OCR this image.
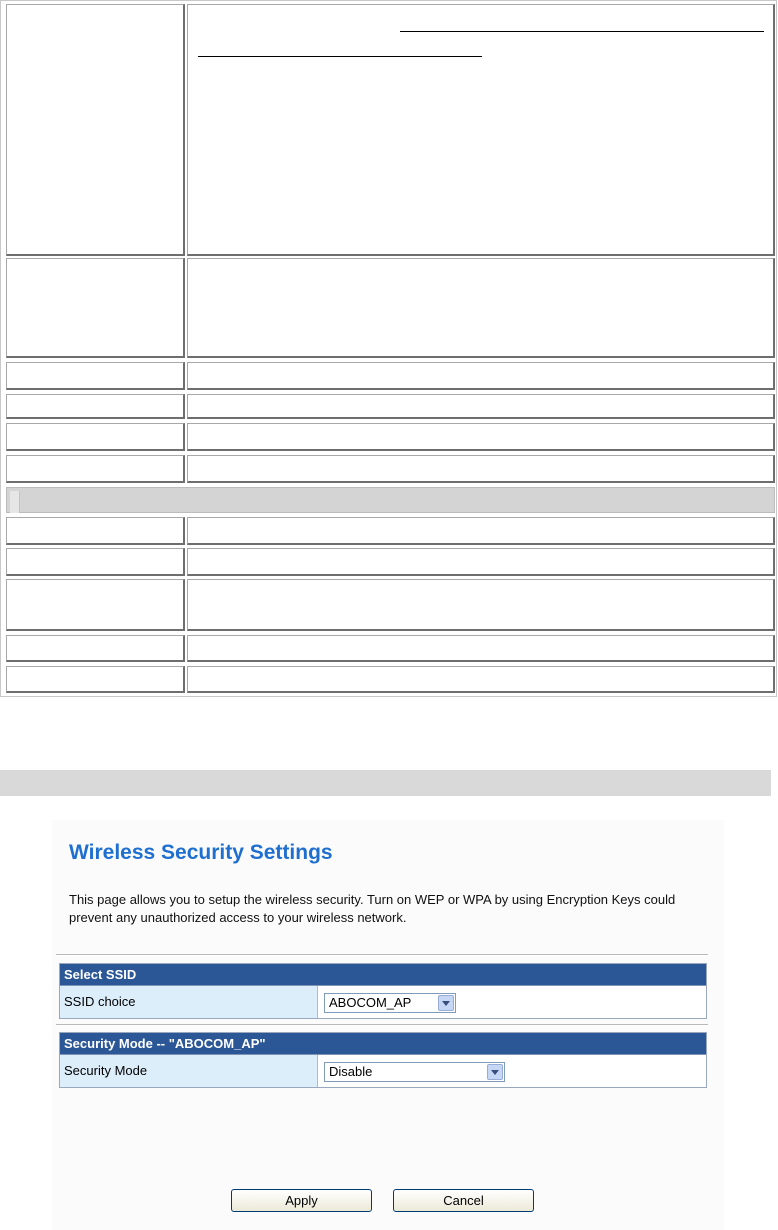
Wireless Security Settings
This page allows you to setup the wireless security. Turn on WEP or WPA by using Encryption Keys could prevent any unauthorized access to your wireless network.
Select SSID
SSID choice	ABOCOM_AP
Security Mode -- "ABOCOM_AP"
Security Mode	Disable
Apply	Cancel
